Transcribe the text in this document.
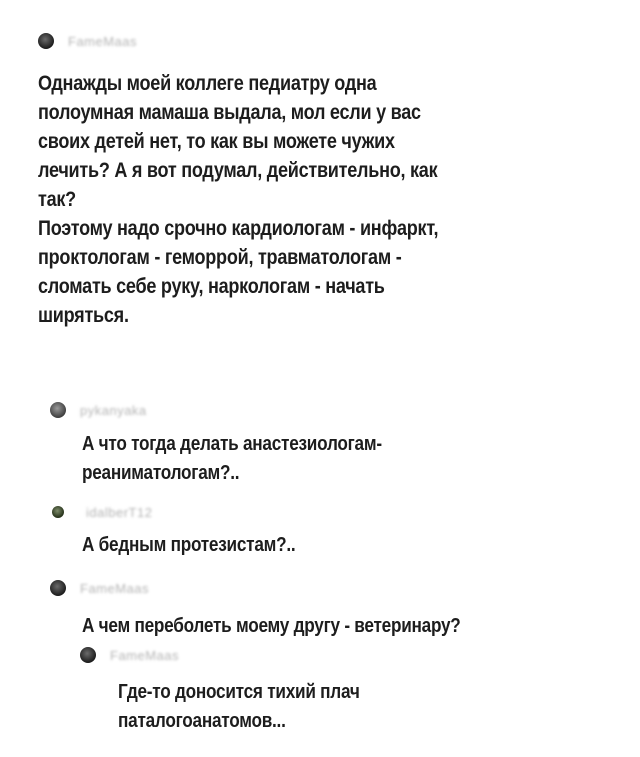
FameMaas

Однажды моей коллеге педиатру одна

полоумная мамаша выдала, мол если у вас

своих детей нет, то как вы можете чужих

лечить? А я вот подумал, действительно, как

так?

Поэтому надо срочно кардиологам - инфаркт,

проктологам - геморрой, травматологам -

сломать себе руку, наркологам - начать

ширяться.

pykanyaka

А что тогда делать анастезиологам-

реаниматологам?..

idalberT12

А бедным протезистам?..

FameMaas

А чем переболеть моему другу - ветеринару?

FameMaas

Где-то доносится тихий плач

паталогоанатомов...
